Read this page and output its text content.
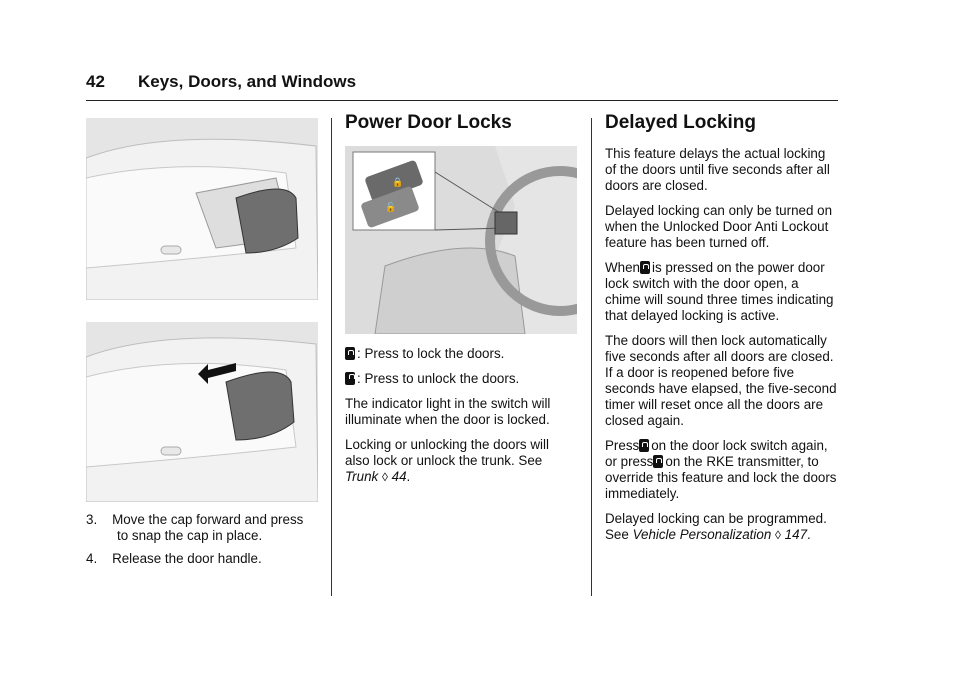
42 Keys, Doors, and Windows

3. Move the cap forward and press to snap the cap in place.

4. Release the door handle.

Power Door Locks
🔒
🔓

: Press to lock the doors.

: Press to unlock the doors.

The indicator light in the switch will illuminate when the door is locked.

Locking or unlocking the doors will also lock or unlock the trunk. See Trunk ◊ 44.

Delayed Locking

This feature delays the actual locking of the doors until five seconds after all doors are closed.

Delayed locking can only be turned on when the Unlocked Door Anti Lockout feature has been turned off.

When is pressed on the power door lock switch with the door open, a chime will sound three times indicating that delayed locking is active.

The doors will then lock automatically five seconds after all doors are closed. If a door is reopened before five seconds have elapsed, the five-second timer will reset once all the doors are closed again.

Press on the door lock switch again, or press on the RKE transmitter, to override this feature and lock the doors immediately.

Delayed locking can be programmed. See Vehicle Personalization ◊ 147.
